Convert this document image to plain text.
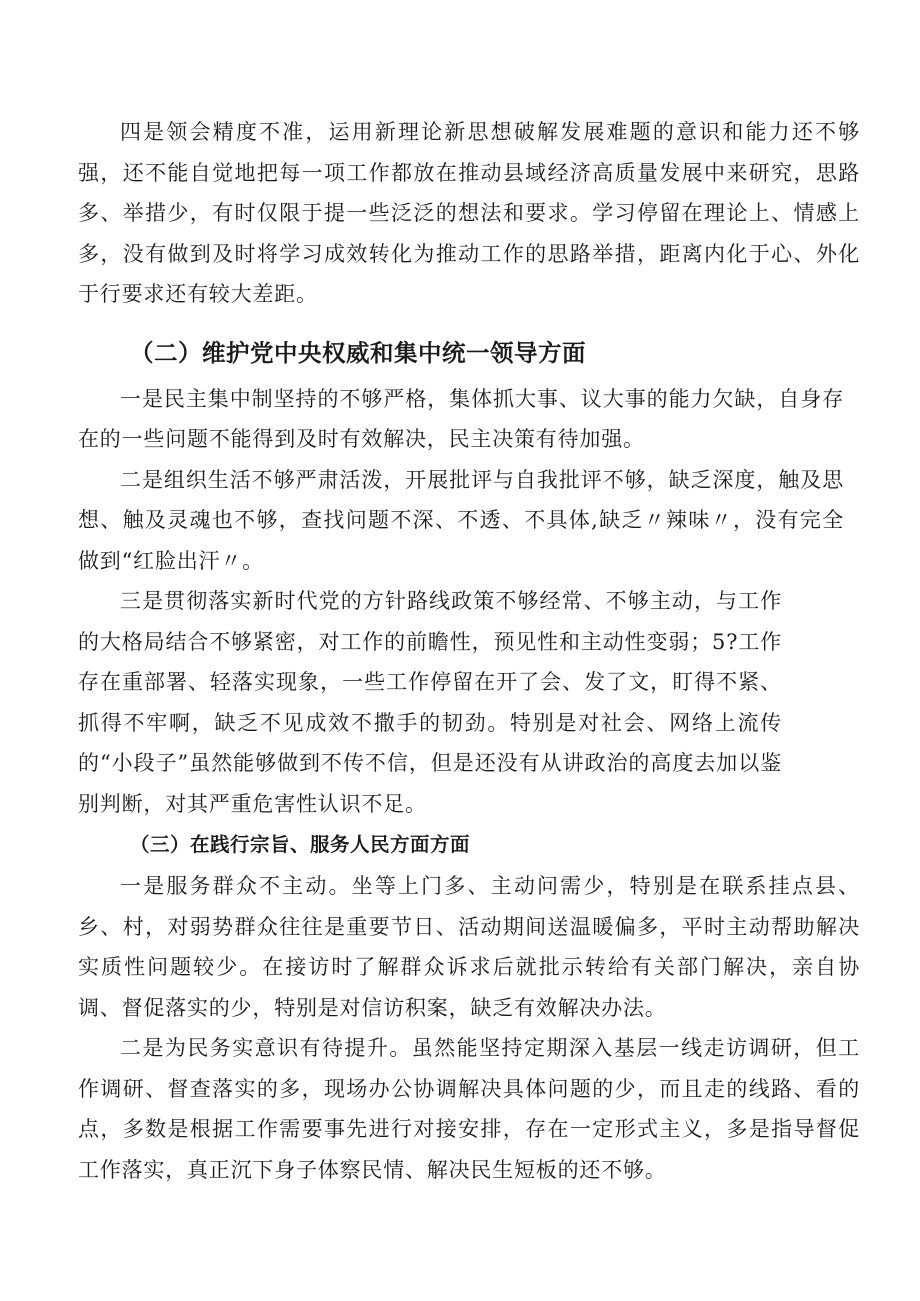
四是领会精度不准，运用新理论新思想破解发展难题的意识和能力还不够强，还不能自觉地把每一项工作都放在推动县域经济高质量发展中来研究，思路多、举措少，有时仅限于提一些泛泛的想法和要求。学习停留在理论上、情感上多，没有做到及时将学习成效转化为推动工作的思路举措，距离内化于心、外化于行要求还有较大差距。

（二）维护党中央权威和集中统一领导方面

一是民主集中制坚持的不够严格，集体抓大事、议大事的能力欠缺，自身存在的一些问题不能得到及时有效解决，民主决策有待加强。

二是组织生活不够严肃活泼，开展批评与自我批评不够，缺乏深度，触及思想、触及灵魂也不够，查找问题不深、不透、不具体,缺乏〃辣味〃，没有完全做到“红脸出汗〃。

三是贯彻落实新时代党的方针路线政策不够经常、不够主动，与工作的大格局结合不够紧密，对工作的前瞻性，预见性和主动性变弱；5?工作存在重部署、轻落实现象，一些工作停留在开了会、发了文，盯得不紧、抓得不牢啊，缺乏不见成效不撒手的韧劲。特别是对社会、网络上流传的“小段子”虽然能够做到不传不信，但是还没有从讲政治的高度去加以鉴别判断，对其严重危害性认识不足。

（三）在践行宗旨、服务人民方面方面

一是服务群众不主动。坐等上门多、主动问需少，特别是在联系挂点县、乡、村，对弱势群众往往是重要节日、活动期间送温暖偏多，平时主动帮助解决实质性问题较少。在接访时了解群众诉求后就批示转给有关部门解决，亲自协调、督促落实的少，特别是对信访积案，缺乏有效解决办法。

二是为民务实意识有待提升。虽然能坚持定期深入基层一线走访调研，但工作调研、督查落实的多，现场办公协调解决具体问题的少，而且走的线路、看的点，多数是根据工作需要事先进行对接安排，存在一定形式主义，多是指导督促工作落实，真正沉下身子体察民情、解决民生短板的还不够。
